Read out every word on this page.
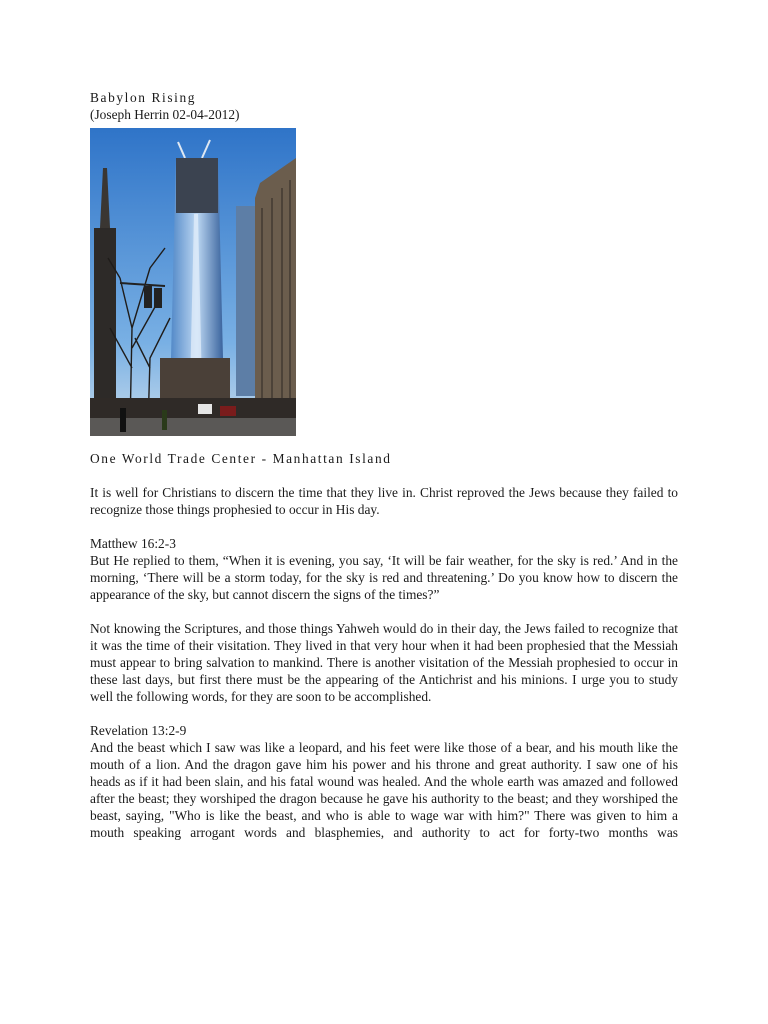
Babylon Rising

(Joseph Herrin 02-04-2012)

One World Trade Center - Manhattan Island

It is well for Christians to discern the time that they live in. Christ reproved the Jews because they failed to recognize those things prophesied to occur in His day.

Matthew 16:2-3

But He replied to them, “When it is evening, you say, ‘It will be fair weather, for the sky is red.’ And in the morning, ‘There will be a storm today, for the sky is red and threatening.’ Do you know how to discern the appearance of the sky, but cannot discern the signs of the times?”

Not knowing the Scriptures, and those things Yahweh would do in their day, the Jews failed to recognize that it was the time of their visitation. They lived in that very hour when it had been prophesied that the Messiah must appear to bring salvation to mankind. There is another visitation of the Messiah prophesied to occur in these last days, but first there must be the appearing of the Antichrist and his minions. I urge you to study well the following words, for they are soon to be accomplished.

Revelation 13:2-9

And the beast which I saw was like a leopard, and his feet were like those of a bear, and his mouth like the mouth of a lion. And the dragon gave him his power and his throne and great authority. I saw one of his heads as if it had been slain, and his fatal wound was healed. And the whole earth was amazed and followed after the beast; they worshiped the dragon because he gave his authority to the beast; and they worshiped the beast, saying, "Who is like the beast, and who is able to wage war with him?" There was given to him a mouth speaking arrogant words and blasphemies, and authority to act for forty-two months was
